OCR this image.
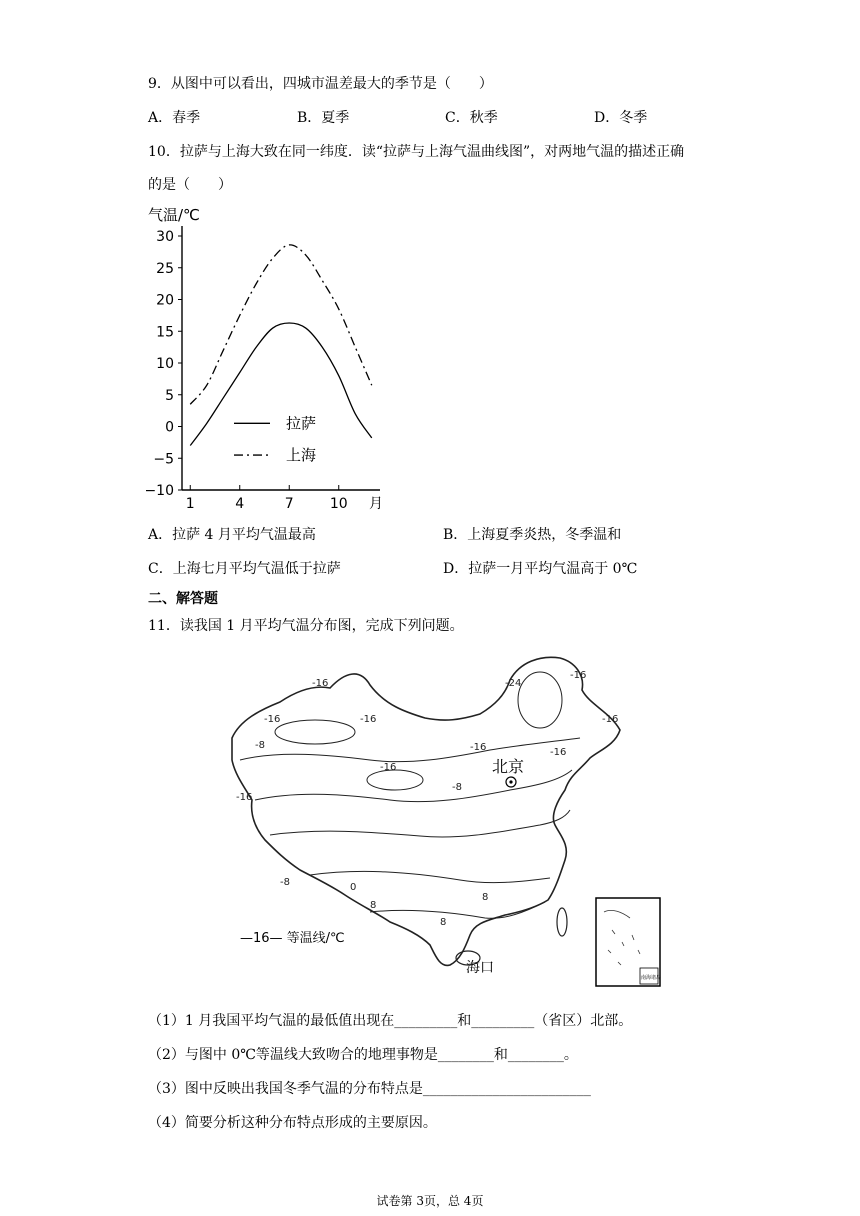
9．从图中可以看出，四城市温差最大的季节是（　　）
A．春季	B．夏季	C．秋季	D．冬季
10．拉萨与上海大致在同一纬度．读“拉萨与上海气温曲线图”，对两地气温的描述正确
的是（　　）
气温/℃
30
25
20
15
10
5
0
−5
−10
1	4	7	10 月
拉萨
上海
A．拉萨 4 月平均气温最高	B．上海夏季炎热，冬季温和
C．上海七月平均气温低于拉萨	D．拉萨一月平均气温高于 0℃
二、解答题
11．读我国 1 月平均气温分布图，完成下列问题。
北京
海口
—16— 等温线/℃
-16	-24
-16
-16	-16
-16
-16
-16
-8
-8
-16
-8	0
8
8
8
-16
南海诸岛
（1）1 月我国平均气温的最低值出现在_________和_________（省区）北部。
（2）与图中 0℃等温线大致吻合的地理事物是________和________。
（3）图中反映出我国冬季气温的分布特点是________________________
（4）简要分析这种分布特点形成的主要原因。
试卷第 3页，总 4页
